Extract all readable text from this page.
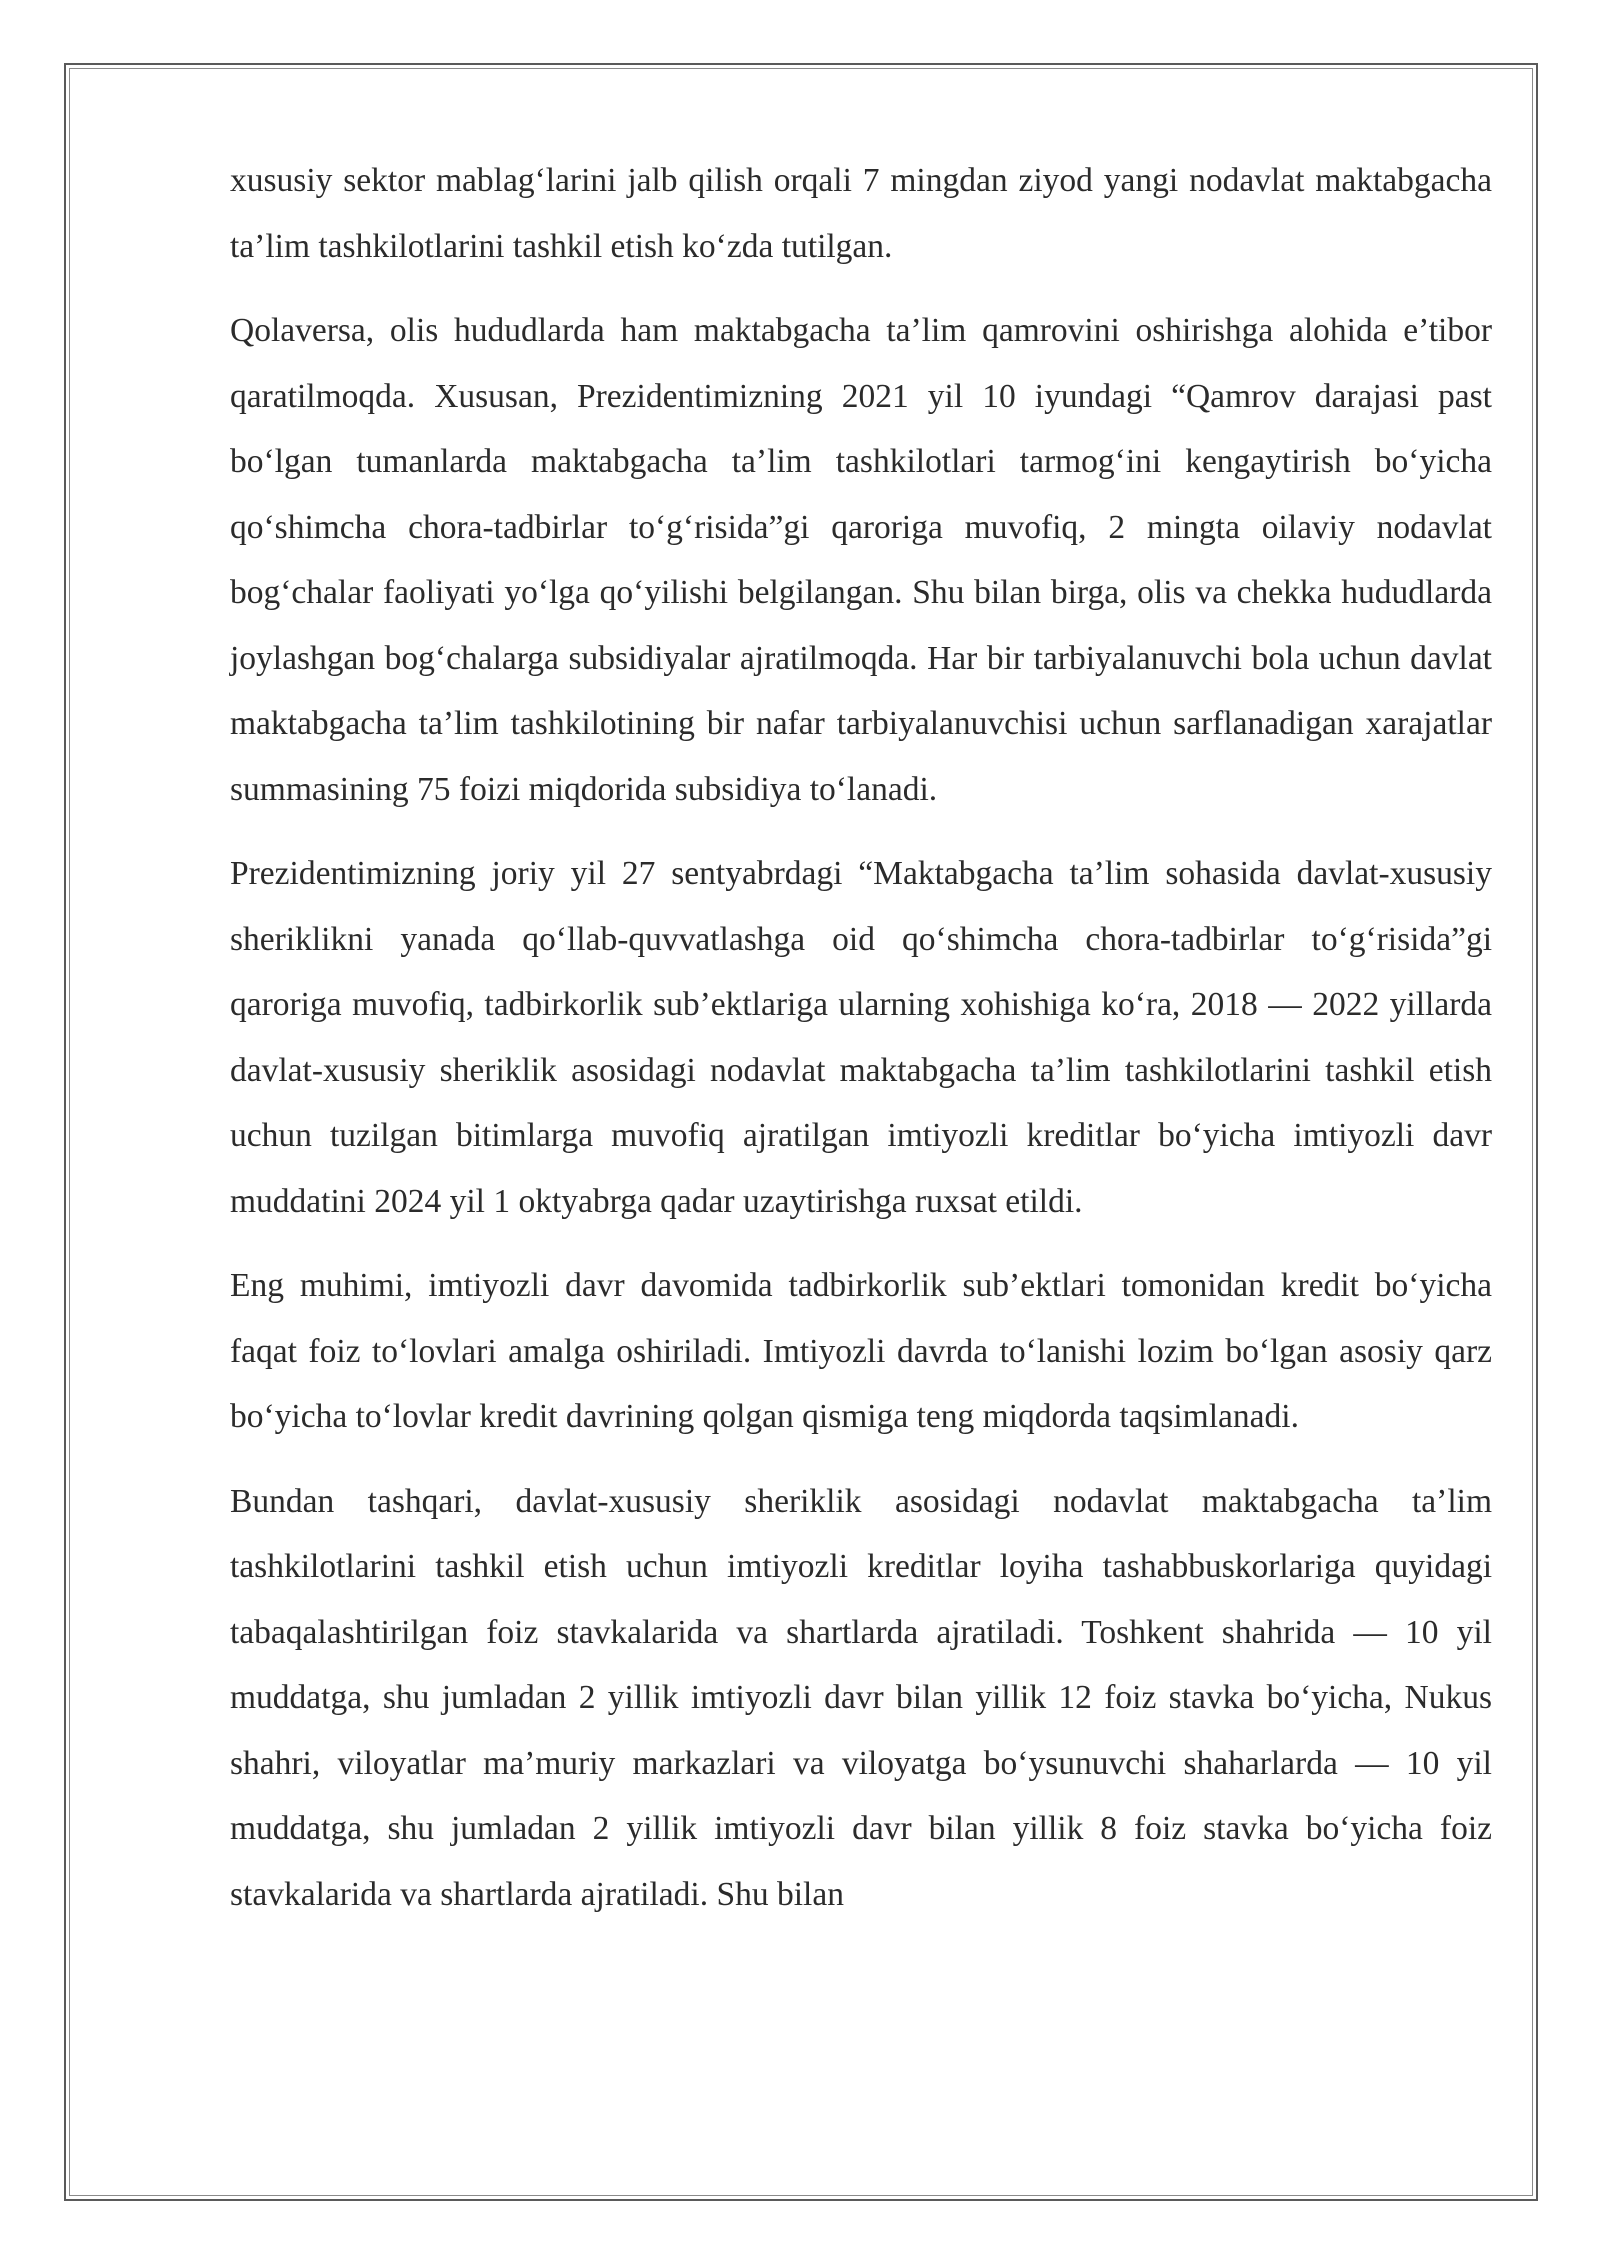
xususiy sektor mablag‘larini jalb qilish orqali 7 mingdan ziyod yangi nodavlat maktabgacha ta’lim tashkilotlarini tashkil etish ko‘zda tutilgan.

Qolaversa, olis hududlarda ham maktabgacha ta’lim qamrovini oshirishga alohida e’tibor qaratilmoqda. Xususan, Prezidentimizning 2021 yil 10 iyundagi “Qamrov darajasi past bo‘lgan tumanlarda maktabgacha ta’lim tashkilotlari tarmog‘ini kengaytirish bo‘yicha qo‘shimcha chora-tadbirlar to‘g‘risida”gi qaroriga muvofiq, 2 mingta oilaviy nodavlat bog‘chalar faoliyati yo‘lga qo‘yilishi belgilangan. Shu bilan birga, olis va chekka hududlarda joylashgan bog‘chalarga subsidiyalar ajratilmoqda. Har bir tarbiyalanuvchi bola uchun davlat maktabgacha ta’lim tashkilotining bir nafar tarbiyalanuvchisi uchun sarflanadigan xarajatlar summasining 75 foizi miqdorida subsidiya to‘lanadi.

Prezidentimizning joriy yil 27 sentyabrdagi “Maktabgacha ta’lim sohasida davlat-xususiy sheriklikni yanada qo‘llab-quvvatlashga oid qo‘shimcha chora-tadbirlar to‘g‘risida”gi qaroriga muvofiq, tadbirkorlik sub’ektlariga ularning xohishiga ko‘ra, 2018 — 2022 yillarda davlat-xususiy sheriklik asosidagi nodavlat maktabgacha ta’lim tashkilotlarini tashkil etish uchun tuzilgan bitimlarga muvofiq ajratilgan imtiyozli kreditlar bo‘yicha imtiyozli davr muddatini 2024 yil 1 oktyabrga qadar uzaytirishga ruxsat etildi.

Eng muhimi, imtiyozli davr davomida tadbirkorlik sub’ektlari tomonidan kredit bo‘yicha faqat foiz to‘lovlari amalga oshiriladi. Imtiyozli davrda to‘lanishi lozim bo‘lgan asosiy qarz bo‘yicha to‘lovlar kredit davrining qolgan qismiga teng miqdorda taqsimlanadi.

Bundan tashqari, davlat-xususiy sheriklik asosidagi nodavlat maktabgacha ta’lim tashkilotlarini tashkil etish uchun imtiyozli kreditlar loyiha tashabbuskorlariga quyidagi tabaqalashtirilgan foiz stavkalarida va shartlarda ajratiladi. Toshkent shahrida — 10 yil muddatga, shu jumladan 2 yillik imtiyozli davr bilan yillik 12 foiz stavka bo‘yicha, Nukus shahri, viloyatlar ma’muriy markazlari va viloyatga bo‘ysunuvchi shaharlarda — 10 yil muddatga, shu jumladan 2 yillik imtiyozli davr bilan yillik 8 foiz stavka bo‘yicha foiz stavkalarida va shartlarda ajratiladi. Shu bilan
